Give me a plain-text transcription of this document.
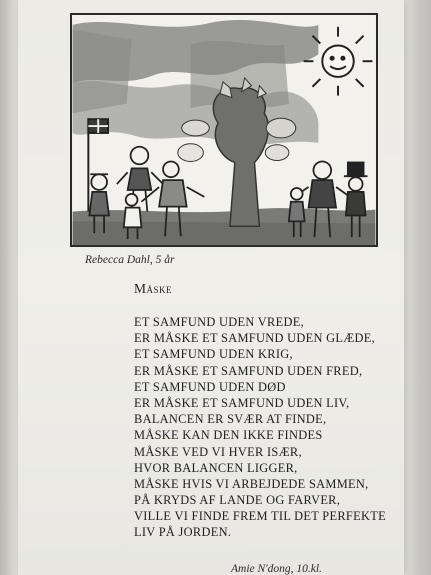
Rebecca Dahl, 5 år
Måske
ET SAMFUND UDEN VREDE,
ER MÅSKE ET SAMFUND UDEN GLÆDE,
ET SAMFUND UDEN KRIG,
ER MÅSKE ET SAMFUND UDEN FRED,
ET SAMFUND UDEN DØD
ER MÅSKE ET SAMFUND UDEN LIV,
BALANCEN ER SVÆR AT FINDE,
MÅSKE KAN DEN IKKE FINDES
MÅSKE VED VI HVER ISÆR,
HVOR BALANCEN LIGGER,
MÅSKE HVIS VI ARBEJDEDE SAMMEN,
PÅ KRYDS AF LANDE OG FARVER,
VILLE VI FINDE FREM TIL DET PERFEKTE
LIV PÅ JORDEN.
Amie N'dong, 10.kl.
